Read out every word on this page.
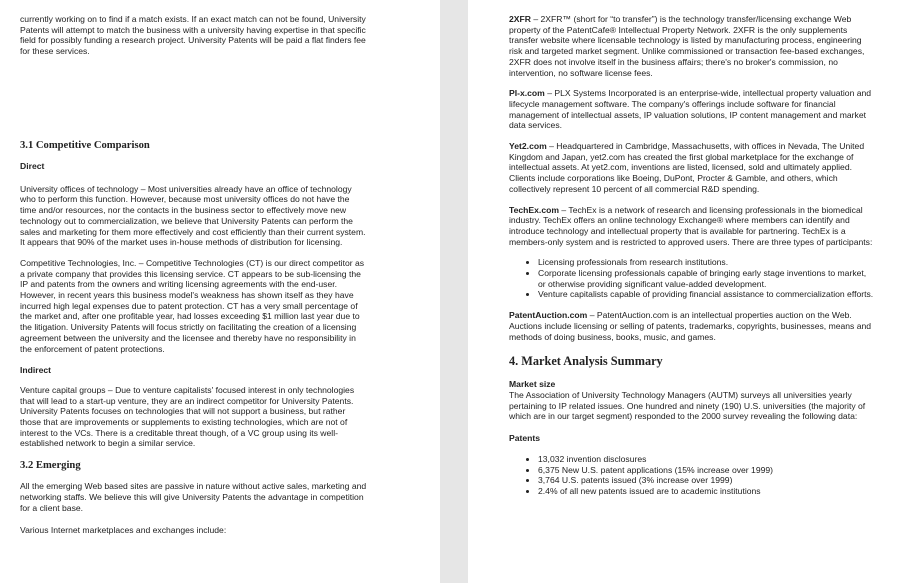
currently working on to find if a match exists. If an exact match can not be found, University Patents will attempt to match the business with a university having expertise in that specific field for possibly funding a research project. University Patents will be paid a flat finders fee for these services.

3.1 Competitive Comparison
Direct

University offices of technology – Most universities already have an office of technology who to perform this function. However, because most university offices do not have the time and/or resources, nor the contacts in the business sector to effectively move new technology out to commercialization, we believe that University Patents can perform the sales and marketing for them more effectively and cost efficiently than their current system. It appears that 90% of the market uses in-house methods of distribution for licensing.

Competitive Technologies, Inc. – Competitive Technologies (CT) is our direct competitor as a private company that provides this licensing service. CT appears to be sub-licensing the IP and patents from the owners and writing licensing agreements with the end-user. However, in recent years this business model's weakness has shown itself as they have incurred high legal expenses due to patent protection. CT has a very small percentage of the market and, after one profitable year, had losses exceeding $1 million last year due to the litigation. University Patents will focus strictly on facilitating the creation of a licensing agreement between the university and the licensee and thereby have no responsibility in the enforcement of patent protections.

Indirect

Venture capital groups – Due to venture capitalists' focused interest in only technologies that will lead to a start-up venture, they are an indirect competitor for University Patents. University Patents focuses on technologies that will not support a business, but rather those that are improvements or supplements to existing technologies, which are not of interest to the VCs. There is a creditable threat though, of a VC group using its well-established network to begin a similar service.

3.2 Emerging

All the emerging Web based sites are passive in nature without active sales, marketing and networking staffs. We believe this will give University Patents the advantage in competition for a client base.

Various Internet marketplaces and exchanges include:

2XFR – 2XFR™ (short for “to transfer”) is the technology transfer/licensing exchange Web property of the PatentCafe® Intellectual Property Network. 2XFR is the only supplements transfer website where licensable technology is listed by manufacturing process, engineering risk and targeted market segment. Unlike commissioned or transaction fee-based exchanges, 2XFR does not involve itself in the business affairs; there's no broker's commission, no intervention, no software license fees.

PI-x.com – PLX Systems Incorporated is an enterprise-wide, intellectual property valuation and lifecycle management software. The company's offerings include software for financial management of intellectual assets, IP valuation solutions, IP content management and market data services.

Yet2.com – Headquartered in Cambridge, Massachusetts, with offices in Nevada, The United Kingdom and Japan, yet2.com has created the first global marketplace for the exchange of intellectual assets. At yet2.com, inventions are listed, licensed, sold and ultimately applied. Clients include corporations like Boeing, DuPont, Procter & Gamble, and others, which collectively represent 10 percent of all commercial R&D spending.

TechEx.com – TechEx is a network of research and licensing professionals in the biomedical industry. TechEx offers an online technology Exchange® where members can identify and introduce technology and intellectual property that is available for partnering. TechEx is a members-only system and is restricted to approved users. There are three types of participants:

• Licensing professionals from research institutions.
• Corporate licensing professionals capable of bringing early stage inventions to market, or otherwise providing significant value-added development.
• Venture capitalists capable of providing financial assistance to commercialization efforts.

PatentAuction.com – PatentAuction.com is an intellectual properties auction on the Web. Auctions include licensing or selling of patents, trademarks, copyrights, businesses, means and methods of doing business, books, music, and games.

4. Market Analysis Summary
Market size

The Association of University Technology Managers (AUTM) surveys all universities yearly pertaining to IP related issues. One hundred and ninety (190) U.S. universities (the majority of which are in our target segment) responded to the 2000 survey revealing the following data:

Patents
• 13,032 invention disclosures
• 6,375 New U.S. patent applications (15% increase over 1999)
• 3,764 U.S. patents issued (3% increase over 1999)
• 2.4% of all new patents issued are to academic institutions
